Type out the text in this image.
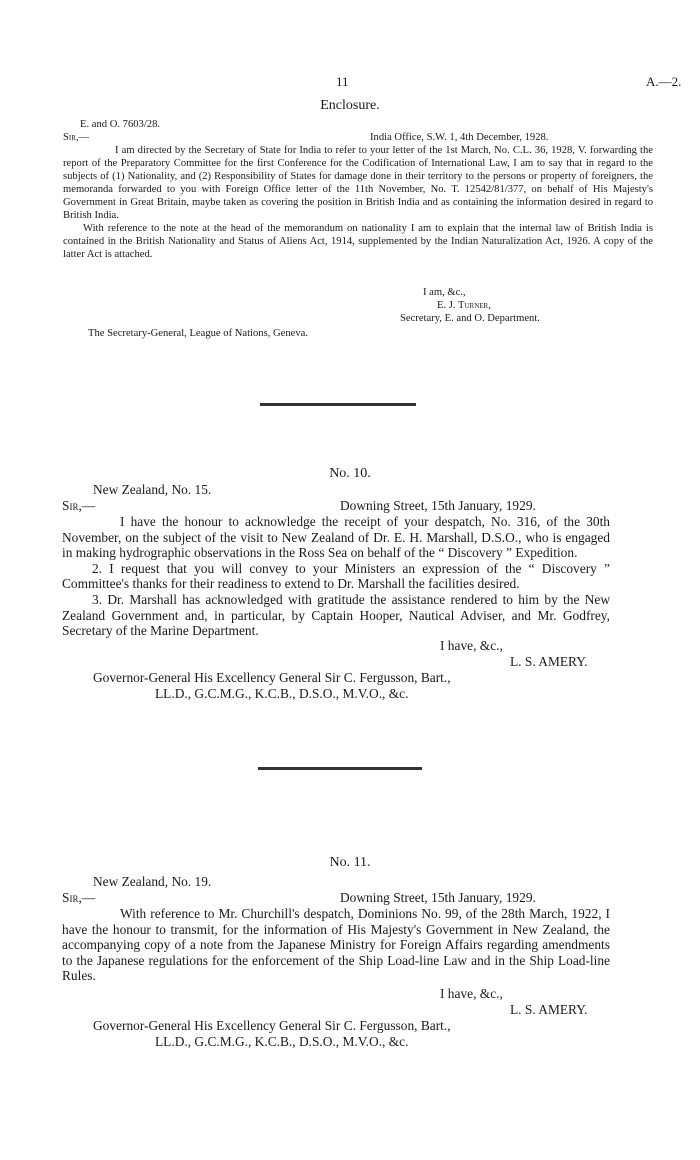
11	A.—2.
Enclosure.
E. and O. 7603/28.
Sir,—	India Office, S.W. 1, 4th December, 1928.

I am directed by the Secretary of State for India to refer to your letter of the 1st March, No. C.L. 36, 1928, V. forwarding the report of the Preparatory Committee for the first Conference for the Codification of International Law, I am to say that in regard to the subjects of (1) Nationality, and (2) Responsibility of States for damage done in their territory to the persons or property of foreigners, the memoranda forwarded to you with Foreign Office letter of the 11th November, No. T. 12542/81/377, on behalf of His Majesty's Government in Great Britain, maybe taken as covering the position in British India and as containing the information desired in regard to British India.

With reference to the note at the head of the memorandum on nationality I am to explain that the internal law of British India is contained in the British Nationality and Status of Aliens Act, 1914, supplemented by the Indian Naturalization Act, 1926. A copy of the latter Act is attached.

I am, &c.,
E. J. Turner,
Secretary, E. and O. Department.
The Secretary-General, League of Nations, Geneva.
No. 10.
New Zealand, No. 15.
Sir,—	Downing Street, 15th January, 1929.

I have the honour to acknowledge the receipt of your despatch, No. 316, of the 30th November, on the subject of the visit to New Zealand of Dr. E. H. Marshall, D.S.O., who is engaged in making hydrographic observations in the Ross Sea on behalf of the “ Discovery ” Expedition.

2. I request that you will convey to your Ministers an expression of the “ Discovery ” Committee's thanks for their readiness to extend to Dr. Marshall the facilities desired.

3. Dr. Marshall has acknowledged with gratitude the assistance rendered to him by the New Zealand Government and, in particular, by Captain Hooper, Nautical Adviser, and Mr. Godfrey, Secretary of the Marine Department.

I have, &c.,
L. S. AMERY.
Governor-General His Excellency General Sir C. Fergusson, Bart.,
LL.D., G.C.M.G., K.C.B., D.S.O., M.V.O., &c.
No. 11.
New Zealand, No. 19.
Sir,—	Downing Street, 15th January, 1929.

With reference to Mr. Churchill's despatch, Dominions No. 99, of the 28th March, 1922, I have the honour to transmit, for the information of His Majesty's Government in New Zealand, the accompanying copy of a note from the Japanese Ministry for Foreign Affairs regarding amendments to the Japanese regulations for the enforcement of the Ship Load-line Law and in the Ship Load-line Rules.

I have, &c.,
L. S. AMERY.
Governor-General His Excellency General Sir C. Fergusson, Bart.,
LL.D., G.C.M.G., K.C.B., D.S.O., M.V.O., &c.
